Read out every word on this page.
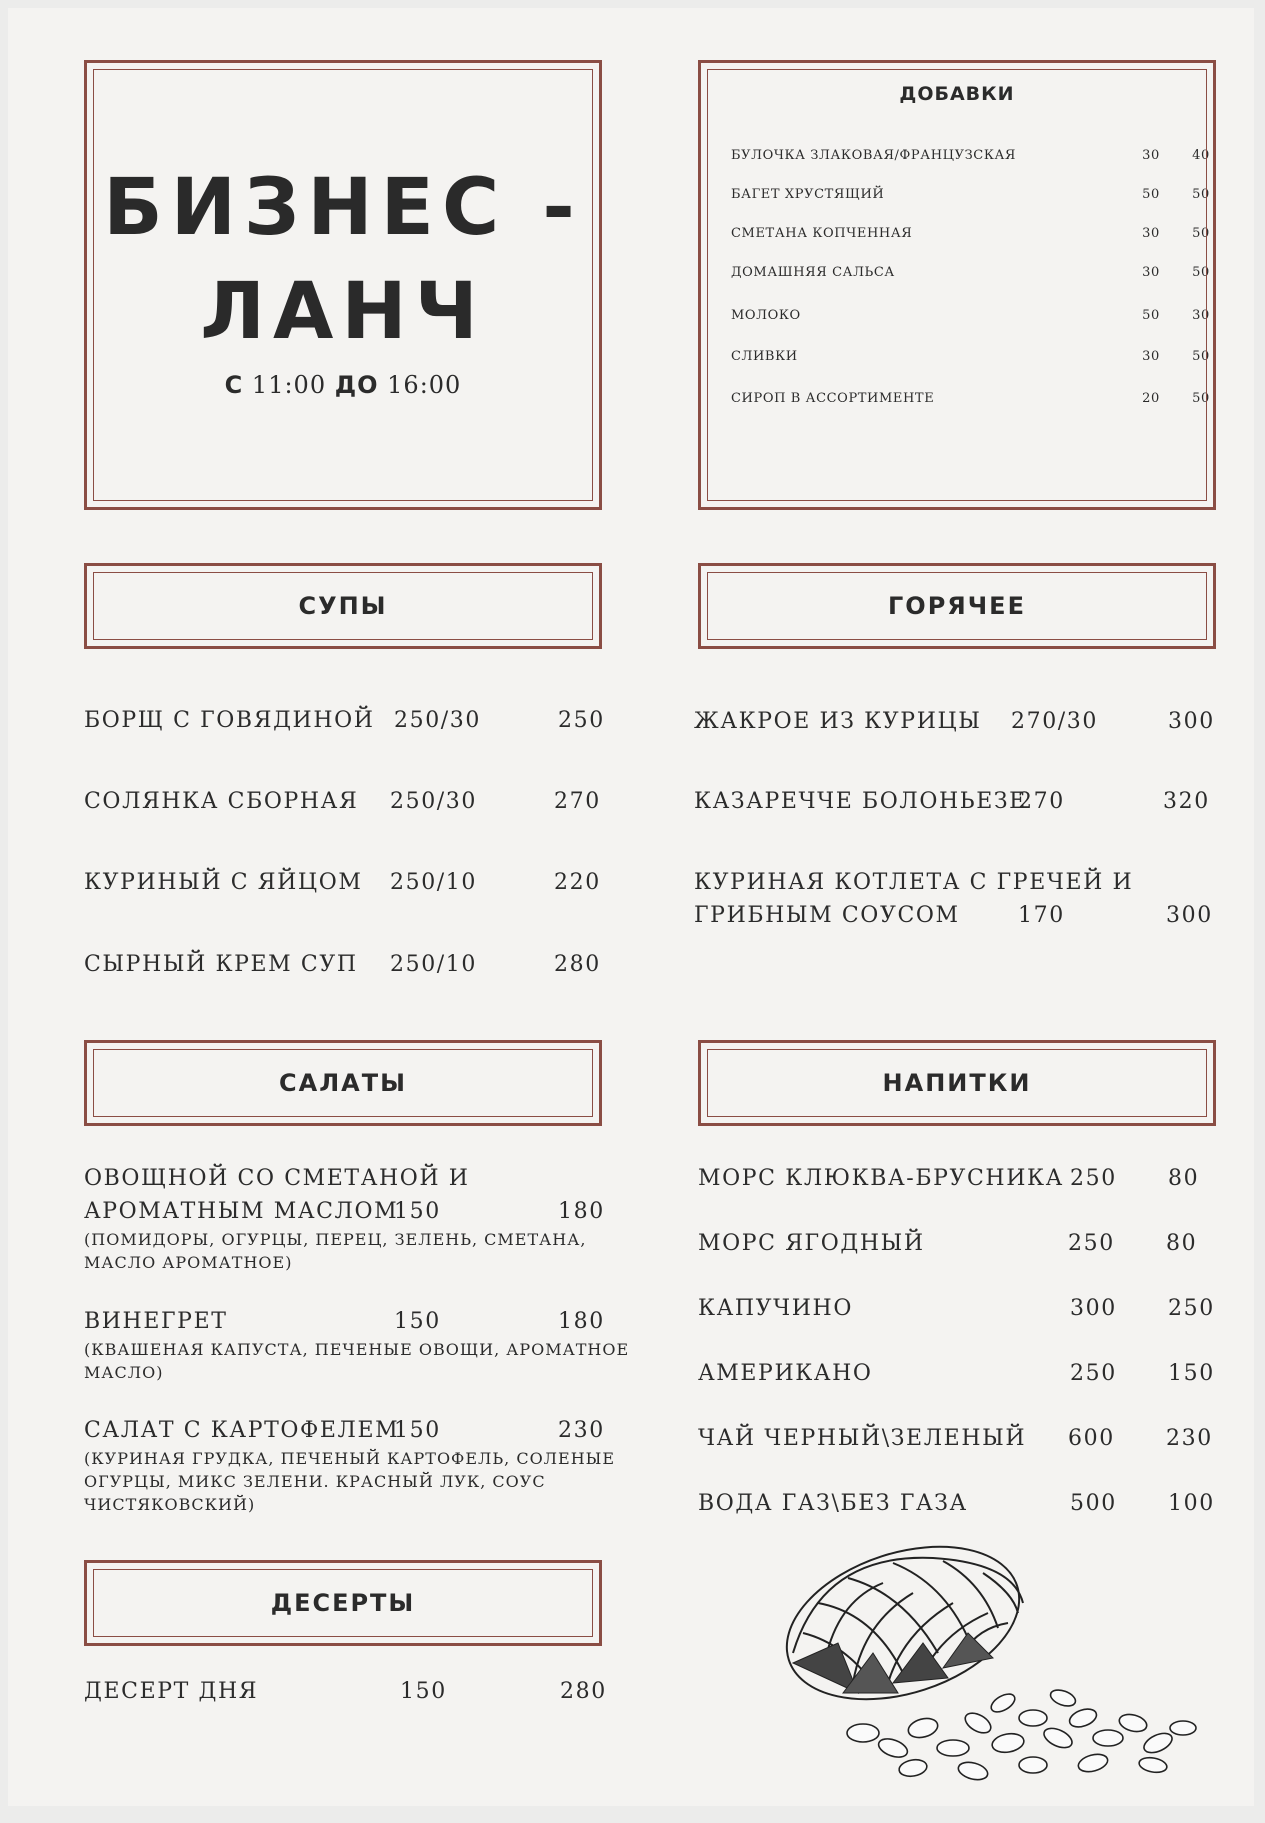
БИЗНЕС -
ЛАНЧ
С 11:00 ДО 16:00
ДОБАВКИ
БУЛОЧКА ЗЛАКОВАЯ/ФРАНЦУЗСКАЯ	30 40
БАГЕТ ХРУСТЯЩИЙ	50 50
СМЕТАНА КОПЧЕННАЯ	30 50
ДОМАШНЯЯ САЛЬСА	30 50
МОЛОКО	50 30
СЛИВКИ	30 50
СИРОП В АССОРТИМЕНТЕ	20 50
СУПЫ
БОРЩ С ГОВЯДИНОЙ 250/30	250
СОЛЯНКА СБОРНАЯ 250/30	270
КУРИНЫЙ С ЯЙЦОМ 250/10	220
СЫРНЫЙ КРЕМ СУП 250/10	280
ГОРЯЧЕЕ
ЖАКРОЕ ИЗ КУРИЦЫ 270/30	300
КАЗАРЕЧЧЕ БОЛОНЬЕЗЕ
270	320
КУРИНАЯ КОТЛЕТА С ГРЕЧЕЙ И
ГРИБНЫМ СОУСОМ	170	300
САЛАТЫ
ОВОЩНОЙ СО СМЕТАНОЙ И
АРОМАТНЫМ МАСЛОМ
150	180
(ПОМИДОРЫ, ОГУРЦЫ, ПЕРЕЦ, ЗЕЛЕНЬ, СМЕТАНА,
МАСЛО АРОМАТНОЕ)
ВИНЕГРЕТ	150	180
(КВАШЕНАЯ КАПУСТА, ПЕЧЕНЫЕ ОВОЩИ, АРОМАТНОЕ
МАСЛО)
САЛАТ С КАРТОФЕЛЕМ
150	230
(КУРИНАЯ ГРУДКА, ПЕЧЕНЫЙ КАРТОФЕЛЬ, СОЛЕНЫЕ
ОГУРЦЫ, МИКС ЗЕЛЕНИ. КРАСНЫЙ ЛУК, СОУС
ЧИСТЯКОВСКИЙ)
НАПИТКИ
МОРС КЛЮКВА-БРУСНИКА 250 80
МОРС ЯГОДНЫЙ	250 80
КАПУЧИНО	300 250
АМЕРИКАНО	250 150
ЧАЙ ЧЕРНЫЙ\ЗЕЛЕНЫЙ 600 230
ВОДА ГАЗ\БЕЗ ГАЗА	500 100
ДЕСЕРТЫ
ДЕСЕРТ ДНЯ	150	280
